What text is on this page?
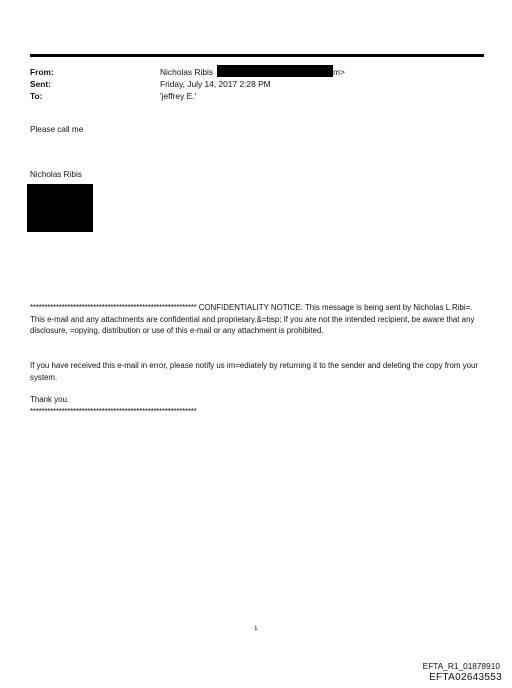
From:
Sent:
To:
Nicholas Ribis	m>
Friday, July 14, 2017 2:28 PM
'jeffrey E.'
Please call me
Nicholas Ribis

********************************************************** CONFIDENTIALITY NOTICE: This message is being sent by Nicholas L Ribi=. This e-mail and any attachments are confidential and proprietary.&=bsp; If you are not the intended recipient, be aware that any disclosure, =opying, distribution or use of this e-mail or any attachment is prohibited.

If you have received this e-mail in error, please notify us im=ediately by returning it to the sender and deleting the copy from your system.

Thank you.

**********************************************************

1
EFTA_R1_01878910
EFTA02643553
